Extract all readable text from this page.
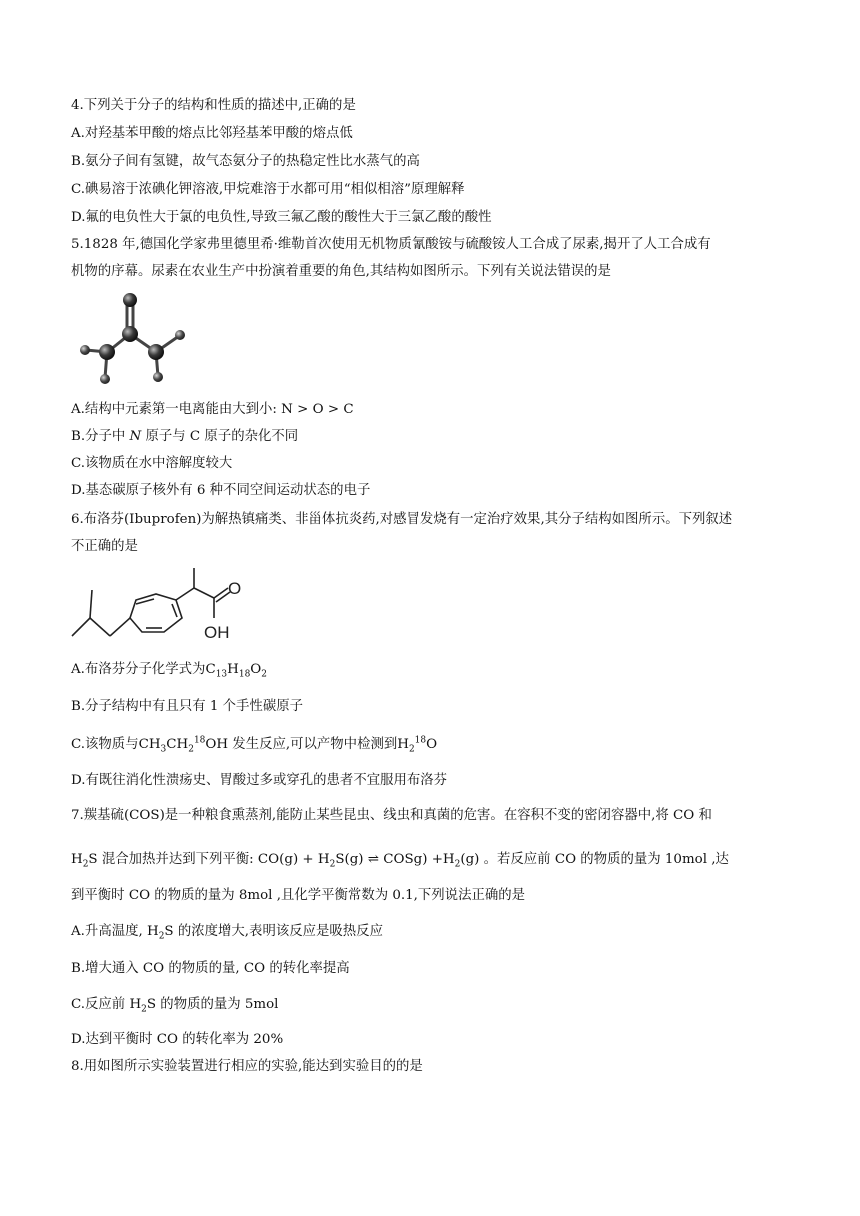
4.下列关于分子的结构和性质的描述中,正确的是
A.对羟基苯甲酸的熔点比邻羟基苯甲酸的熔点低
B.氨分子间有氢键，故气态氨分子的热稳定性比水蒸气的高
C.碘易溶于浓碘化钾溶液,甲烷难溶于水都可用“相似相溶”原理解释
D.氟的电负性大于氯的电负性,导致三氟乙酸的酸性大于三氯乙酸的酸性
5.1828 年,德国化学家弗里德里希·维勒首次使用无机物质氰酸铵与硫酸铵人工合成了尿素,揭开了人工合成有
机物的序幕。尿素在农业生产中扮演着重要的角色,其结构如图所示。下列有关说法错误的是
A.结构中元素第一电离能由大到小: N > O > C
B.分子中 N 原子与 C 原子的杂化不同
C.该物质在水中溶解度较大
D.基态碳原子核外有 6 种不同空间运动状态的电子
6.布洛芬(Ibuprofen)为解热镇痛类、非甾体抗炎药,对感冒发烧有一定治疗效果,其分子结构如图所示。下列叙述
不正确的是
O
OH
A.布洛芬分子化学式为$C_{13}H_{18}O_2$
B.分子结构中有且只有 1 个手性碳原子
C.该物质与$CH_3CH_2^{18}OH$ 发生反应,可以产物中检测到$H_2^{18}O$
D.有既往消化性溃疡史、胃酸过多或穿孔的患者不宜服用布洛芬
7.羰基硫(COS)是一种粮食熏蒸剂,能防止某些昆虫、线虫和真菌的危害。在容积不变的密闭容器中,将 CO 和
$H_2S$ 混合加热并达到下列平衡: $CO(g) + H_2S(g)$ ⇌ COSg) $+H_2(g)$ 。若反应前 CO 的物质的量为 10mol ,达
到平衡时 CO 的物质的量为 8mol ,且化学平衡常数为 0.1,下列说法正确的是
A.升高温度, $H_2S$ 的浓度增大,表明该反应是吸热反应
B.增大通入 CO 的物质的量, CO 的转化率提高
C.反应前 $H_2S$ 的物质的量为 5mol
D.达到平衡时 CO 的转化率为 20%
8.用如图所示实验装置进行相应的实验,能达到实验目的的是
